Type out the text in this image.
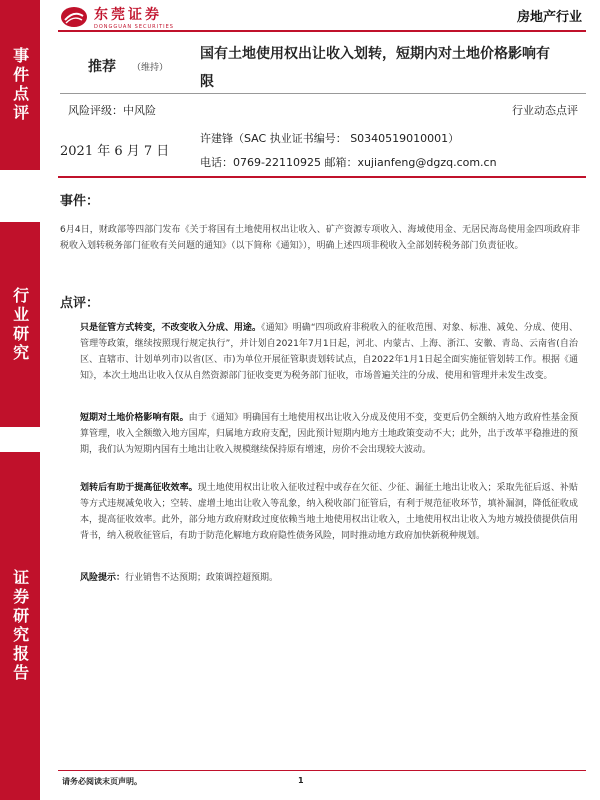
事件点评
行业研究
证券研究报告
东莞证券
DONGGUAN SECURITIES
房地产行业
推荐 （维持）
国有土地使用权出让收入划转，短期内对土地价格影响有限
风险评级：中风险	行业动态点评
2021 年 6 月 7 日
许建锋（SAC 执业证书编号： S0340519010001）
电话：0769-22110925 邮箱：xujianfeng@dgzq.com.cn
事件：
6月4日，财政部等四部门发布《关于将国有土地使用权出让收入、矿产资源专项收入、海域使用金、无居民海岛使用金四项政府非税收入划转税务部门征收有关问题的通知》（以下简称《通知》），明确上述四项非税收入全部划转税务部门负责征收。
点评：
只是征管方式转变，不改变收入分成、用途。《通知》明确“四项政府非税收入的征收范围、对象、标准、减免、分成、使用、管理等政策，继续按照现行规定执行”，并计划自2021年7月1日起，河北、内蒙古、上海、浙江、安徽、青岛、云南省(自治区、直辖市、计划单列市)以省(区、市)为单位开展征管职责划转试点，自2022年1月1日起全面实施征管划转工作。根据《通知》，本次土地出让收入仅从自然资源部门征收变更为税务部门征收，市场普遍关注的分成、使用和管理并未发生改变。
短期对土地价格影响有限。由于《通知》明确国有土地使用权出让收入分成及使用不变，变更后仍全额纳入地方政府性基金预算管理，收入全额缴入地方国库，归属地方政府支配，因此预计短期内地方土地政策变动不大；此外，出于改革平稳推进的预期，我们认为短期内国有土地出让收入规模继续保持原有增速，房价不会出现较大波动。
划转后有助于提高征收效率。现土地使用权出让收入征收过程中或存在欠征、少征、漏征土地出让收入；采取先征后返、补贴等方式违规减免收入；空转、虚增土地出让收入等乱象，纳入税收部门征管后，有利于规范征收环节，填补漏洞，降低征收成本，提高征收效率。此外，部分地方政府财政过度依赖当地土地使用权出让收入，土地使用权出让收入为地方城投债提供信用背书，纳入税收征管后，有助于防范化解地方政府隐性债务风险，同时推动地方政府加快新税种规划。
风险提示：行业销售不达预期；政策调控超预期。
请务必阅读末页声明。	1
